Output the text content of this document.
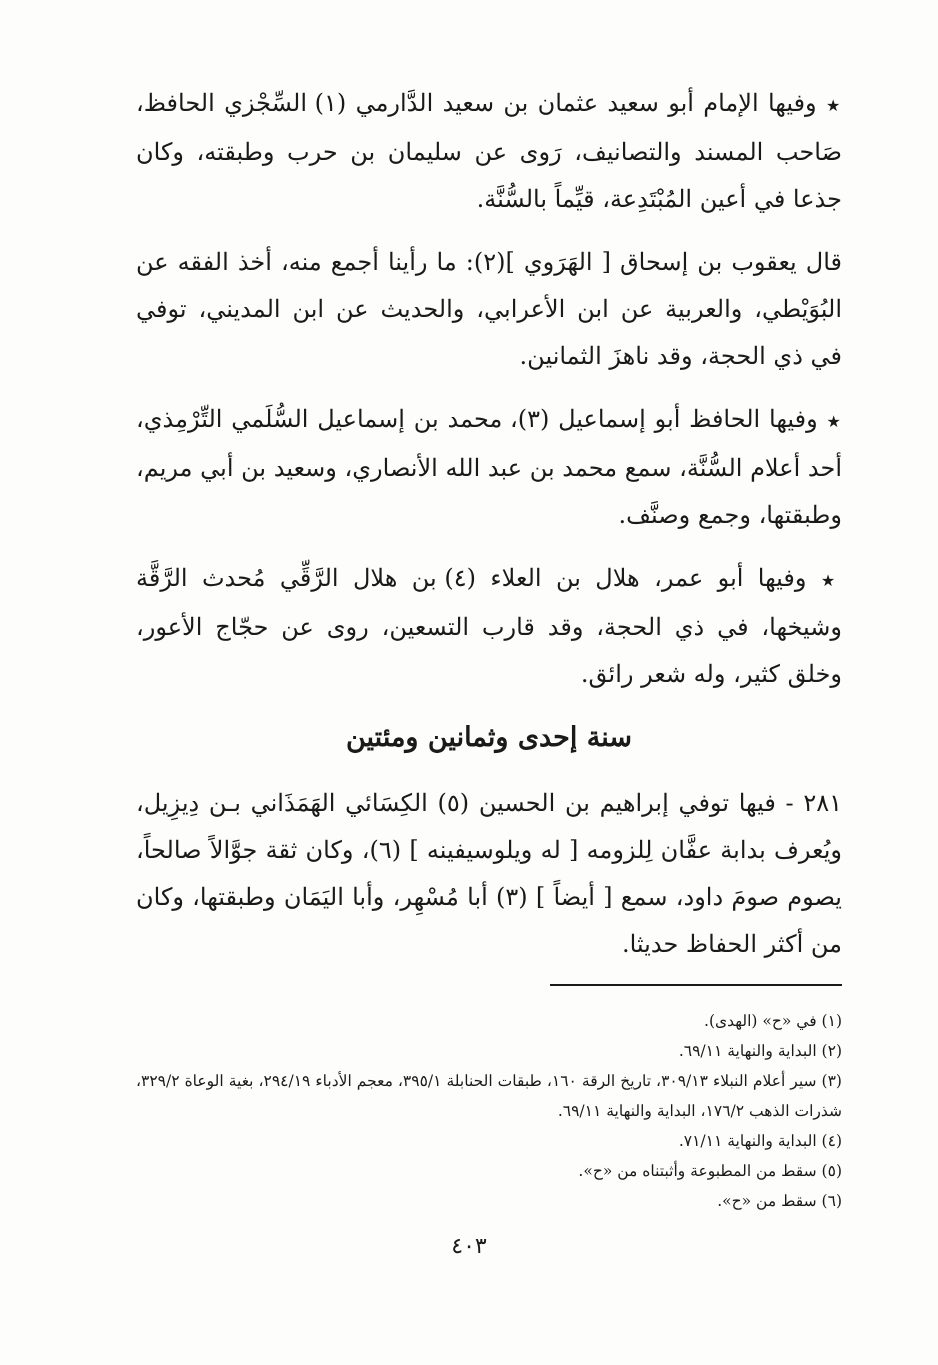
★ وفيها الإمام أبو سعيد عثمان بن سعيد الدَّارمي (١) السِّجْزي الحافظ، صَاحب المسند والتصانيف، رَوى عن سليمان بن حرب وطبقته، وكان جذعا في أعين المُبْتَدِعة، قيِّماً بالسُّنَّة.

قال يعقوب بن إسحاق [ الهَرَوي ](٢): ما رأينا أجمع منه، أخذ الفقه عن البُوَيْطي، والعربية عن ابن الأعرابي، والحديث عن ابن المديني، توفي في ذي الحجة، وقد ناهزَ الثمانين.

★ وفيها الحافظ أبو إسماعيل (٣)، محمد بن إسماعيل السُّلَمي التِّرْمِذي، أحد أعلام السُّنَّة، سمع محمد بن عبد الله الأنصاري، وسعيد بن أبي مريم، وطبقتها، وجمع وصنَّف.

★ وفيها أبو عمر، هلال بن العلاء (٤) بن هلال الرَّقِّي مُحدث الرَّقَّة وشيخها، في ذي الحجة، وقد قارب التسعين، روى عن حجّاج الأعور، وخلق كثير، وله شعر رائق.

سنة إحدى وثمانين ومئتين

٢٨١ - فيها توفي إبراهيم بن الحسين (٥) الكِسَائي الهَمَذَاني بـن دِيزِيل، ويُعرف بدابة عفَّان لِلزومه [ له ويلوسيفينه ] (٦)، وكان ثقة جوَّالاً صالحاً، يصوم صومَ داود، سمع [ أيضاً ] (٣) أبا مُسْهِر، وأبا اليَمَان وطبقتها، وكان من أكثر الحفاظ حديثا.

(١) في «ح» (الهدى).

(٢) البداية والنهاية ٦٩/١١.

(٣) سير أعلام النبلاء ٣٠٩/١٣، تاريخ الرقة ١٦٠، طبقات الحنابلة ٣٩٥/١، معجم الأدباء ٢٩٤/١٩، بغية الوعاة ٣٢٩/٢، شذرات الذهب ١٧٦/٢، البداية والنهاية ٦٩/١١.

(٤) البداية والنهاية ٧١/١١.

(٥) سقط من المطبوعة وأثبتناه من «ح».

(٦) سقط من «ح».

٤٠٣
